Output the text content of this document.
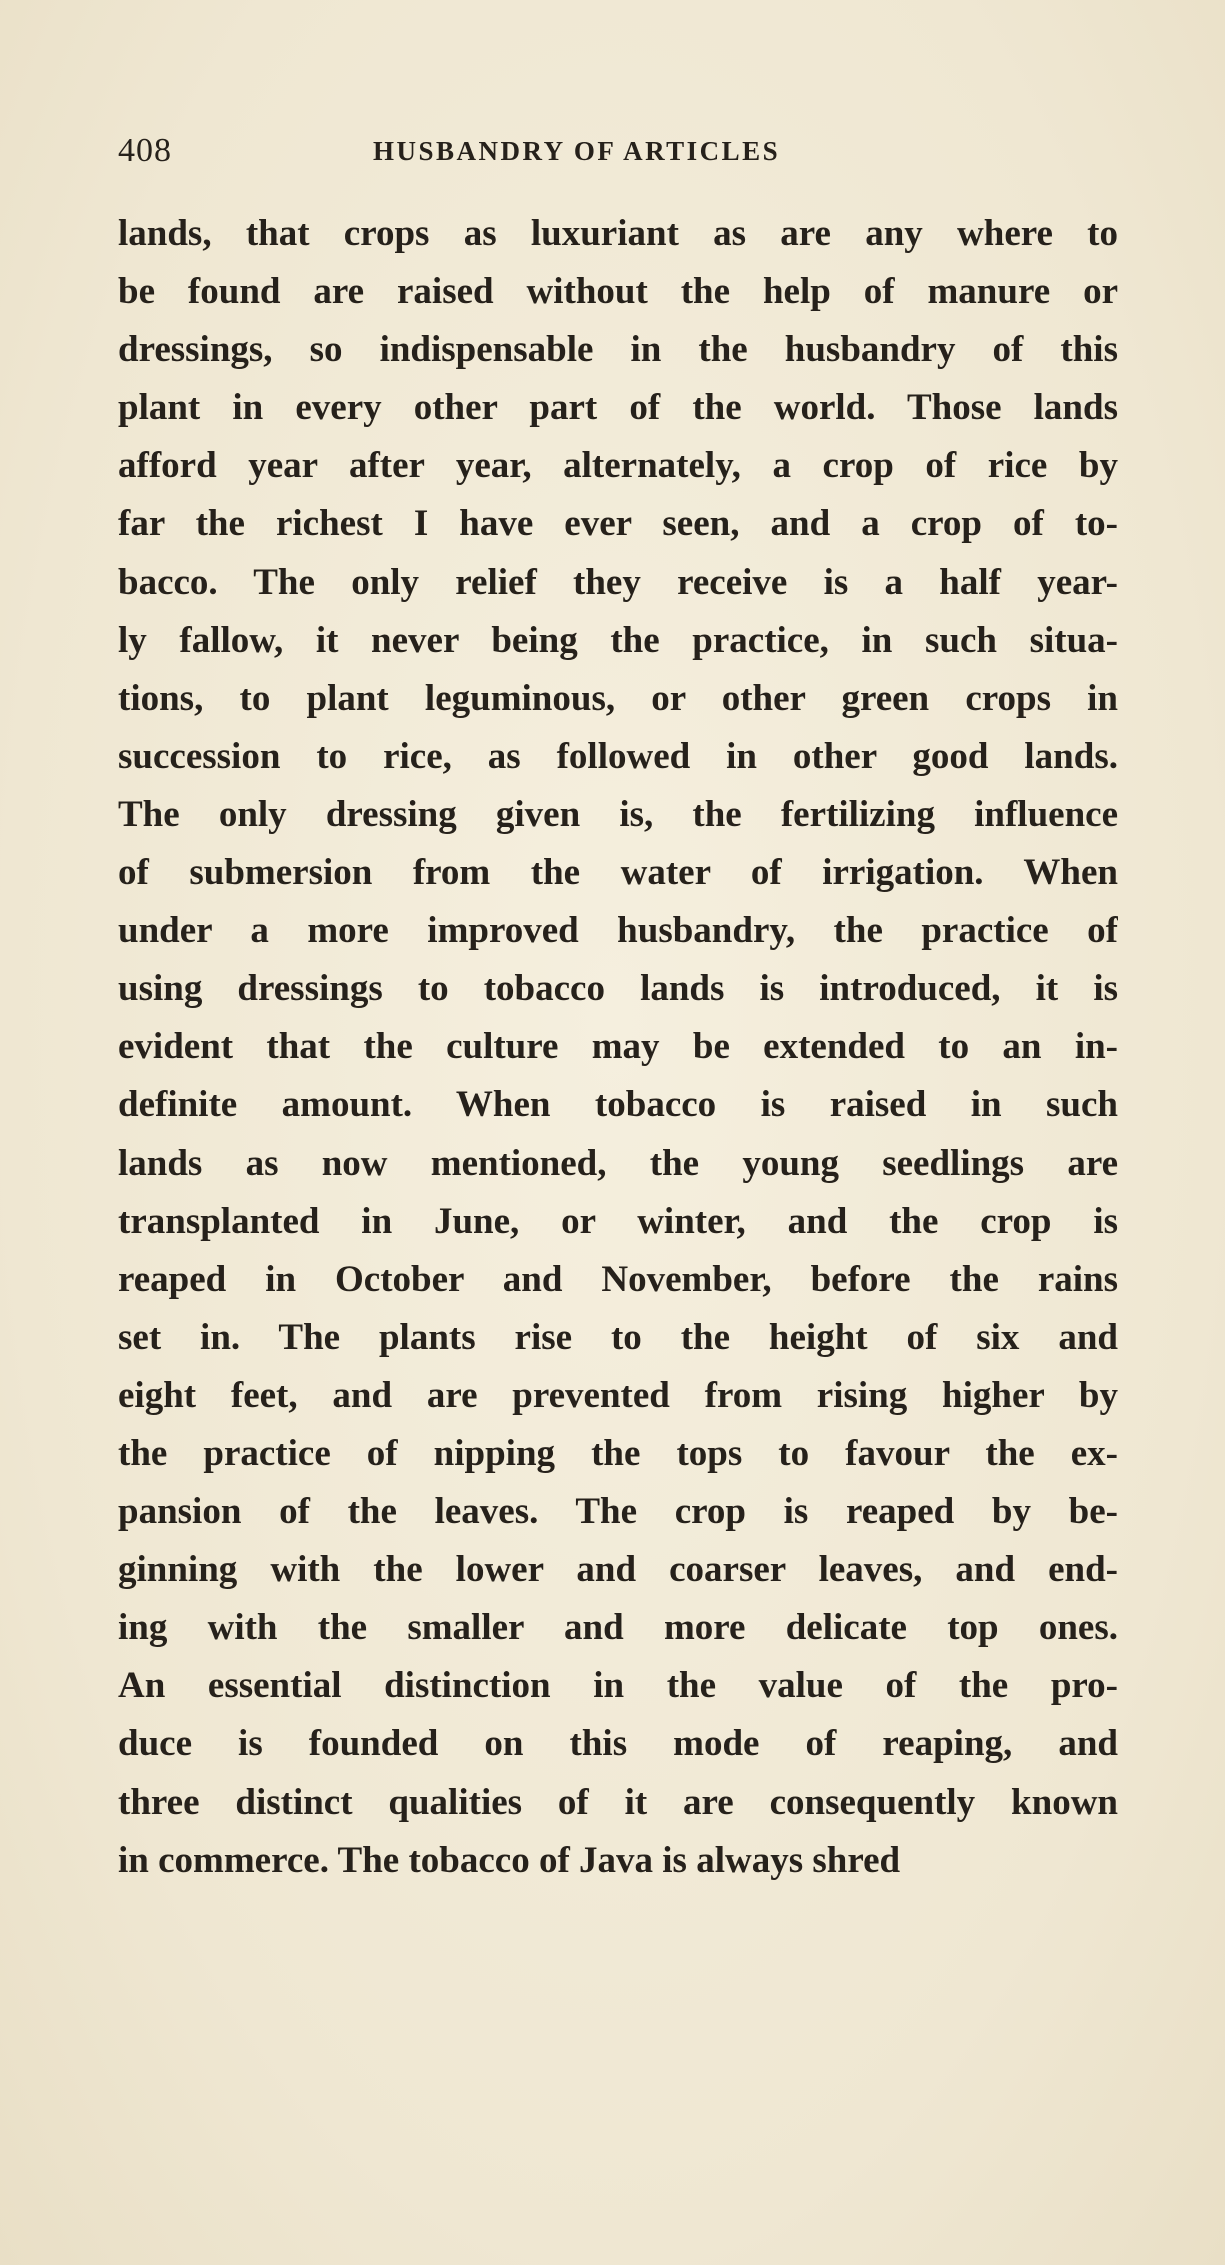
408	HUSBANDRY OF ARTICLES
lands, that crops as luxuriant as are any where to
be found are raised without the help of manure or
dressings, so indispensable in the husbandry of this
plant in every other part of the world. Those lands
afford year after year, alternately, a crop of rice by
far the richest I have ever seen, and a crop of to-
bacco. The only relief they receive is a half year-
ly fallow, it never being the practice, in such situa-
tions, to plant leguminous, or other green crops in
succession to rice, as followed in other good lands.
The only dressing given is, the fertilizing influence
of submersion from the water of irrigation. When
under a more improved husbandry, the practice of
using dressings to tobacco lands is introduced, it is
evident that the culture may be extended to an in-
definite amount. When tobacco is raised in such
lands as now mentioned, the young seedlings are
transplanted in June, or winter, and the crop is
reaped in October and November, before the rains
set in. The plants rise to the height of six and
eight feet, and are prevented from rising higher by
the practice of nipping the tops to favour the ex-
pansion of the leaves. The crop is reaped by be-
ginning with the lower and coarser leaves, and end-
ing with the smaller and more delicate top ones.
An essential distinction in the value of the pro-
duce is founded on this mode of reaping, and
three distinct qualities of it are consequently known
in commerce. The tobacco of Java is always shred
